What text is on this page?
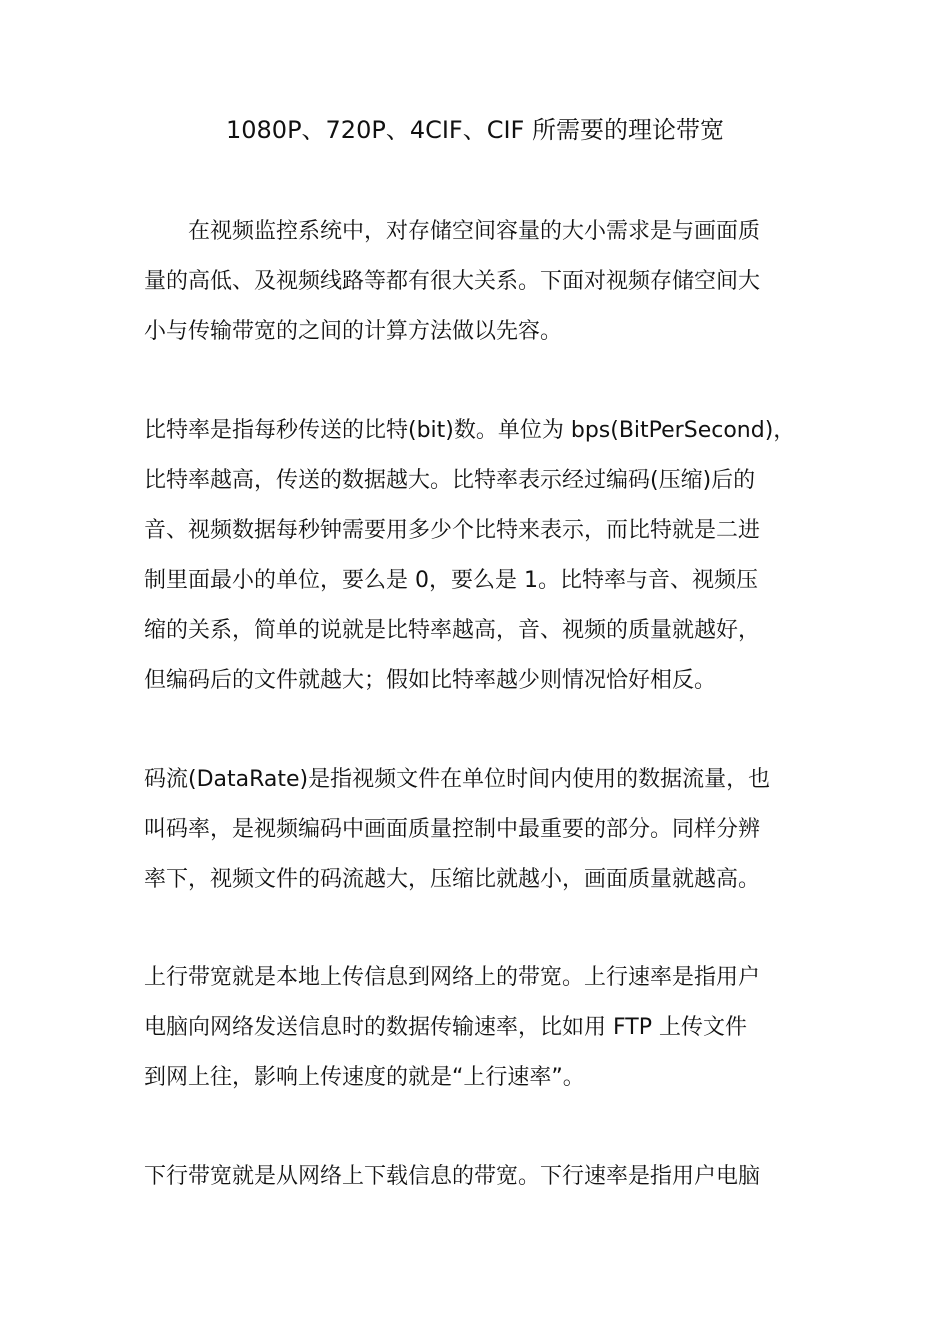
1080P、720P、4CIF、CIF 所需要的理论带宽
在视频监控系统中，对存储空间容量的大小需求是与画面质
量的高低、及视频线路等都有很大关系。下面对视频存储空间大
小与传输带宽的之间的计算方法做以先容。
比特率是指每秒传送的比特(bit)数。单位为 bps(BitPerSecond)，
比特率越高，传送的数据越大。比特率表示经过编码(压缩)后的
音、视频数据每秒钟需要用多少个比特来表示，而比特就是二进
制里面最小的单位，要么是 0，要么是 1。比特率与音、视频压
缩的关系，简单的说就是比特率越高，音、视频的质量就越好，
但编码后的文件就越大；假如比特率越少则情况恰好相反。
码流(DataRate)是指视频文件在单位时间内使用的数据流量，也
叫码率，是视频编码中画面质量控制中最重要的部分。同样分辨
率下，视频文件的码流越大，压缩比就越小，画面质量就越高。
上行带宽就是本地上传信息到网络上的带宽。上行速率是指用户
电脑向网络发送信息时的数据传输速率，比如用 FTP 上传文件
到网上往，影响上传速度的就是“上行速率”。
下行带宽就是从网络上下载信息的带宽。下行速率是指用户电脑
